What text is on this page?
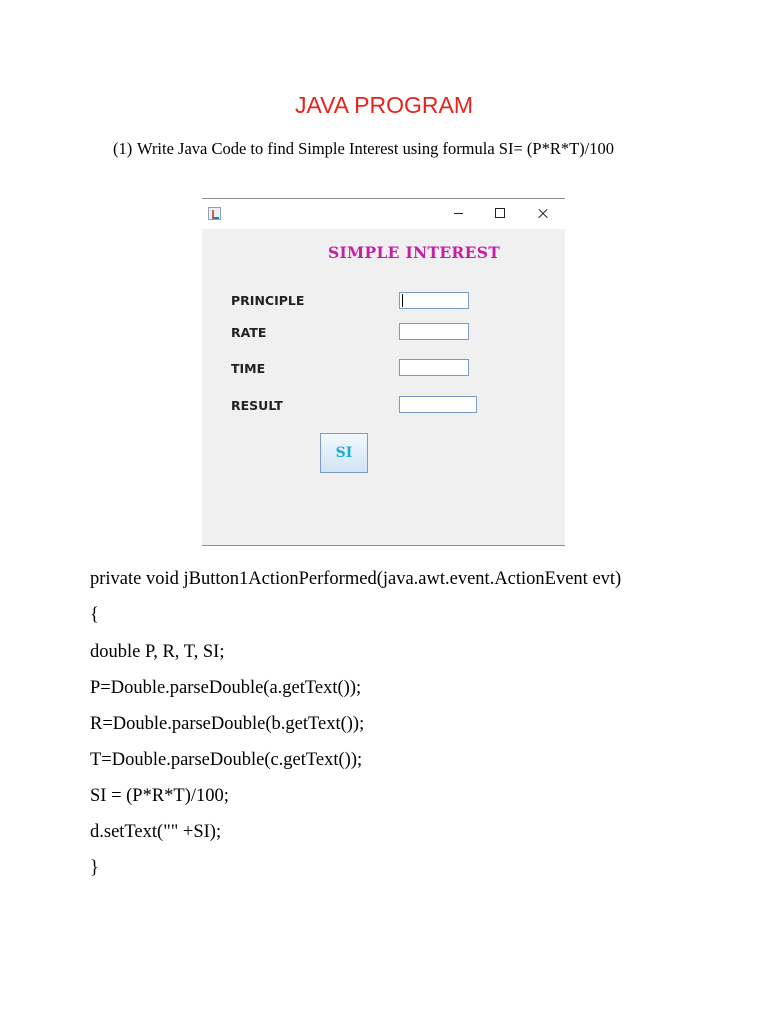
JAVA PROGRAM
(1) Write Java Code to find Simple Interest using formula SI= (P*R*T)/100
SIMPLE INTEREST
PRINCIPLE
RATE
TIME
RESULT
SI
private void jButton1ActionPerformed(java.awt.event.ActionEvent evt)
{
double P, R, T, SI;
P=Double.parseDouble(a.getText());
R=Double.parseDouble(b.getText());
T=Double.parseDouble(c.getText());
SI = (P*R*T)/100;
d.setText("" +SI);
}
